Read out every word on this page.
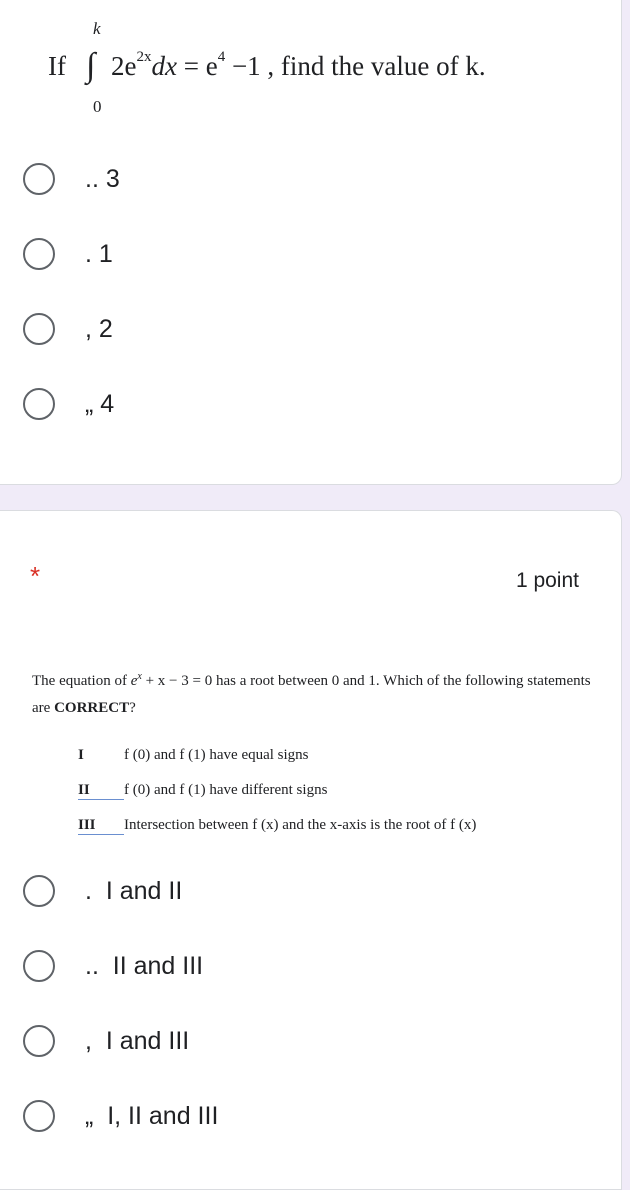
If ∫
k
0
$2e^{2x}dx = e^4 -1$ , find the value of k.
.. 3
. 1
, 2
„ 4
*	1 point
The equation of $e^x + x - 3 = 0$ has a root between 0 and 1. Which of the following statements are CORRECT?
I	f (0) and f (1) have equal signs
II f (0) and f (1) have different signs
III Intersection between f (x) and the x-axis is the root of f (x)
.  I and II
..  II and III
,  I and III
„  I, II and III
